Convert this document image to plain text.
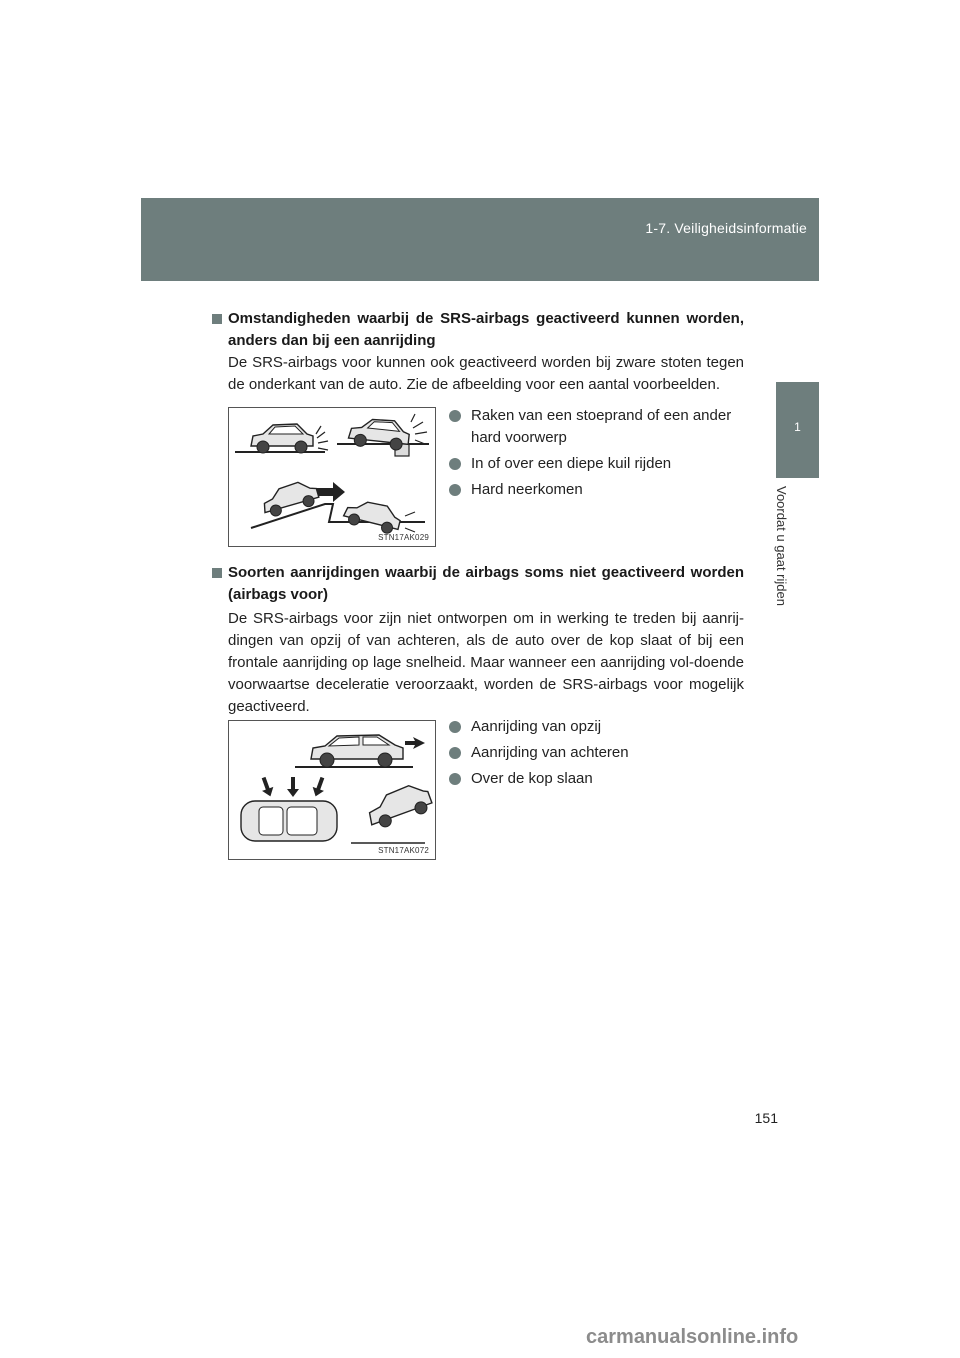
1-7. Veiligheidsinformatie
1
Voordat u gaat rijden
Omstandigheden waarbij de SRS-airbags geactiveerd kunnen worden, anders dan bij een aanrijding
De SRS-airbags voor kunnen ook geactiveerd worden bij zware stoten tegen de onderkant van de auto. Zie de afbeelding voor een aantal voorbeelden.
STN17AK029
Raken van een stoeprand of een ander hard voorwerp
In of over een diepe kuil rijden
Hard neerkomen
Soorten aanrijdingen waarbij de airbags soms niet geactiveerd worden (airbags voor)
De SRS-airbags voor zijn niet ontworpen om in werking te treden bij aanrij-dingen van opzij of van achteren, als de auto over de kop slaat of bij een frontale aanrijding op lage snelheid. Maar wanneer een aanrijding vol-doende voorwaartse deceleratie veroorzaakt, worden de SRS-airbags voor mogelijk geactiveerd.
STN17AK072
Aanrijding van opzij
Aanrijding van achteren
Over de kop slaan
151
carmanualsonline.info
